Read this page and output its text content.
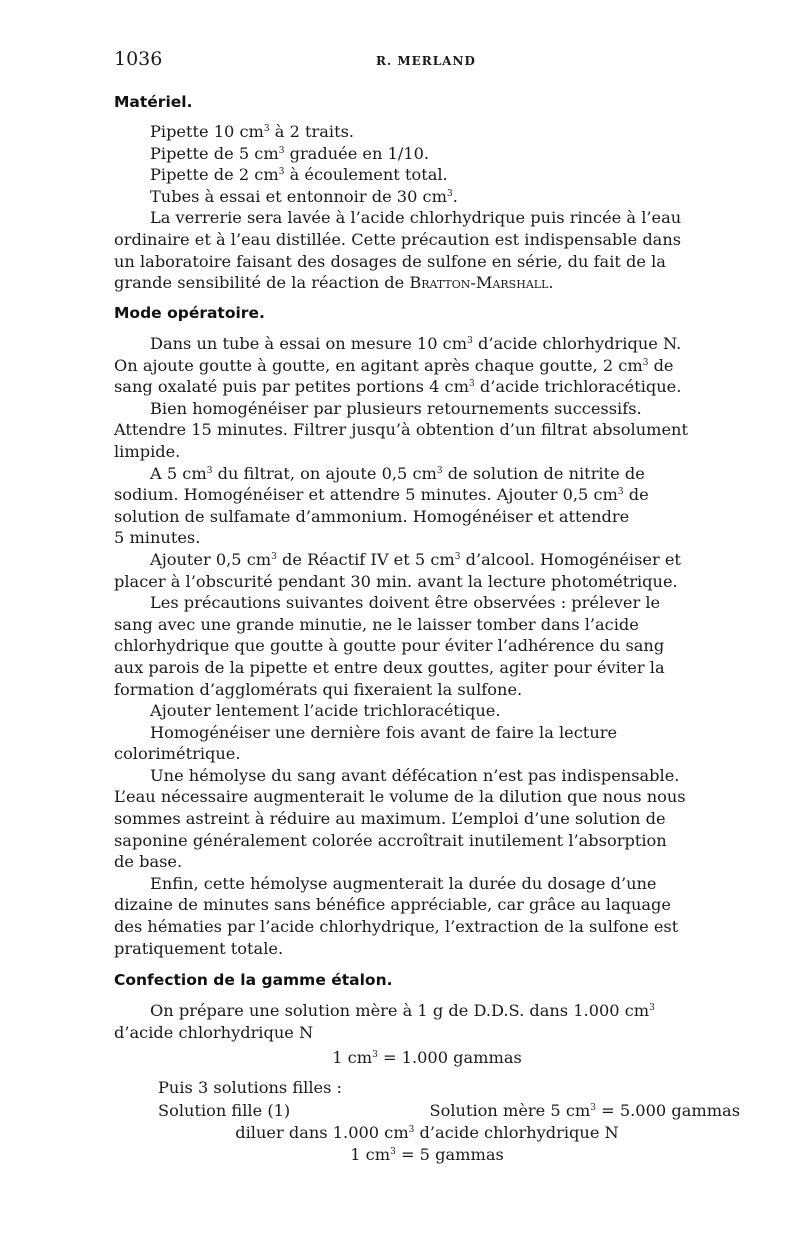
1036	R. MERLAND
Matériel.
Pipette 10 $cm^3$ à 2 traits.
Pipette de 5 $cm^3$ graduée en 1/10.
Pipette de 2 $cm^3$ à écoulement total.
Tubes à essai et entonnoir de 30 $cm^3$.
La verrerie sera lavée à l’acide chlorhydrique puis rincée à l’eau
ordinaire et à l’eau distillée. Cette précaution est indispensable dans
un laboratoire faisant des dosages de sulfone en série, du fait de la
grande sensibilité de la réaction de Bratton-Marshall.
Mode opératoire.
Dans un tube à essai on mesure 10 $cm^3$ d’acide chlorhydrique N.
On ajoute goutte à goutte, en agitant après chaque goutte, 2 $cm^3$ de
sang oxalaté puis par petites portions 4 $cm^3$ d’acide trichloracétique.
Bien homogénéiser par plusieurs retournements successifs.
Attendre 15 minutes. Filtrer jusqu’à obtention d’un filtrat absolument
limpide.
A 5 $cm^3$ du filtrat, on ajoute 0,5 $cm^3$ de solution de nitrite de
sodium. Homogénéiser et attendre 5 minutes. Ajouter 0,5 $cm^3$ de
solution de sulfamate d’ammonium. Homogénéiser et attendre
5 minutes.
Ajouter 0,5 $cm^3$ de Réactif IV et 5 $cm^3$ d’alcool. Homogénéiser et
placer à l’obscurité pendant 30 min. avant la lecture photométrique.
Les précautions suivantes doivent être observées : prélever le
sang avec une grande minutie, ne le laisser tomber dans l’acide
chlorhydrique que goutte à goutte pour éviter l’adhérence du sang
aux parois de la pipette et entre deux gouttes, agiter pour éviter la
formation d’agglomérats qui fixeraient la sulfone.
Ajouter lentement l’acide trichloracétique.
Homogénéiser une dernière fois avant de faire la lecture
colorimétrique.
Une hémolyse du sang avant défécation n’est pas indispensable.
L’eau nécessaire augmenterait le volume de la dilution que nous nous
sommes astreint à réduire au maximum. L’emploi d’une solution de
saponine généralement colorée accroîtrait inutilement l’absorption
de base.
Enfin, cette hémolyse augmenterait la durée du dosage d’une
dizaine de minutes sans bénéfice appréciable, car grâce au laquage
des hématies par l’acide chlorhydrique, l’extraction de la sulfone est
pratiquement totale.
Confection de la gamme étalon.
On prépare une solution mère à 1 g de D.D.S. dans 1.000 $cm^3$
d’acide chlorhydrique N
1 $cm^3 = 1.000$ gammas
Puis 3 solutions filles :
Solution fille (1)	Solution mère 5 $cm^3 = 5.000$ gammas
diluer dans 1.000 $cm^3$ d’acide chlorhydrique N
1 $cm^3 = 5$ gammas
